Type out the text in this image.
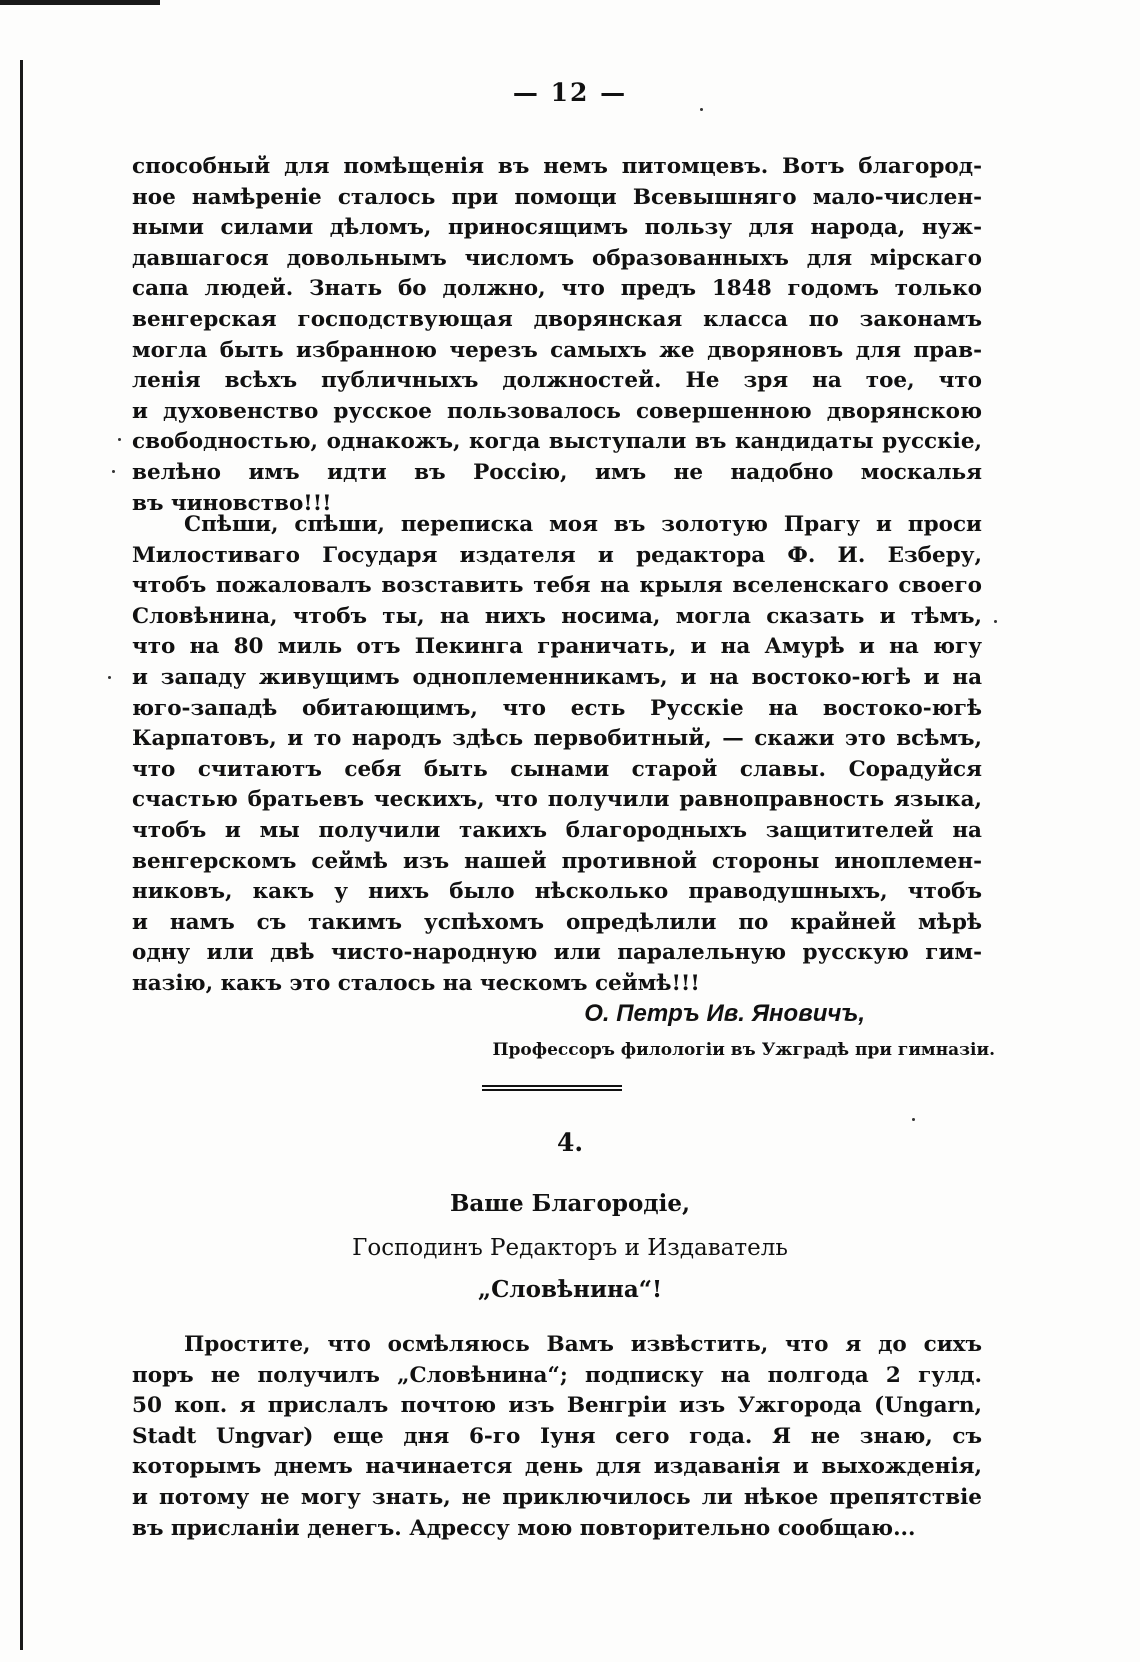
— 12 —
способный для помѣщенія въ немъ питомцевъ. Вотъ благород-
ное намѣреніе сталось при помощи Всевышняго мало-числен-
ными силами дѣломъ, приносящимъ пользу для народа, нуж-
давшагося довольнымъ числомъ образованныхъ для мірскаго
сапа людей. Знать бо должно, что предъ 1848 годомъ только
венгерская господствующая дворянская класса по законамъ
могла быть избранною черезъ самыхъ же дворяновъ для прав-
ленія всѣхъ публичныхъ должностей. Не зря на тое, что
и духовенство русское пользовалось совершенною дворянскою
свободностью, однакожъ, когда выступали въ кандидаты русскіе,
велѣно имъ идти въ Россію, имъ не надобно москалья
въ чиновство!!!
Спѣши, спѣши, переписка моя въ золотую Прагу и проси
Милостиваго Государя издателя и редактора Ф. И. Езберу,
чтобъ пожаловалъ возставить тебя на крыля вселенскаго своего
Словѣнина, чтобъ ты, на нихъ носима, могла сказать и тѣмъ,
что на 80 миль отъ Пекинга граничать, и на Амурѣ и на югу
и западу живущимъ одноплеменникамъ, и на востоко-югѣ и на
юго-западѣ обитающимъ, что есть Русскіе на востоко-югѣ
Карпатовъ, и то народъ здѣсь первобитный, — скажи это всѣмъ,
что считаютъ себя быть сынами старой славы. Сорадуйся
счастью братьевъ ческихъ, что получили равноправность языка,
чтобъ и мы получили такихъ благородныхъ защитителей на
венгерскомъ сеймѣ изъ нашей противной стороны иноплемен-
никовъ, какъ у нихъ было нѣсколько праводушныхъ, чтобъ
и намъ съ такимъ успѣхомъ опредѣлили по крайней мѣрѣ
одну или двѣ чисто-народную или паралельную русскую гим-
назію, какъ это сталось на ческомъ сеймѣ!!!
О. Петръ Ив. Яновичъ,
Профессоръ филологіи въ Ужградѣ при гимназіи.
4.
Ваше Благородіе,
Господинъ Редакторъ и Издаватель
„Словѣнина“!
Простите, что осмѣляюсь Вамъ извѣстить, что я до сихъ
поръ не получилъ „Словѣнина“; подписку на полгода 2 гулд.
50 коп. я прислалъ почтою изъ Венгріи изъ Ужгорода (Ungarn,
Stadt Ungvar) еще дня 6-го Іуня сего года. Я не знаю, съ
которымъ днемъ начинается день для издаванія и выхожденія,
и потому не могу знать, не приключилось ли нѣкое препятствіе
въ присланіи денегъ. Адрессу мою повторительно сообщаю...
